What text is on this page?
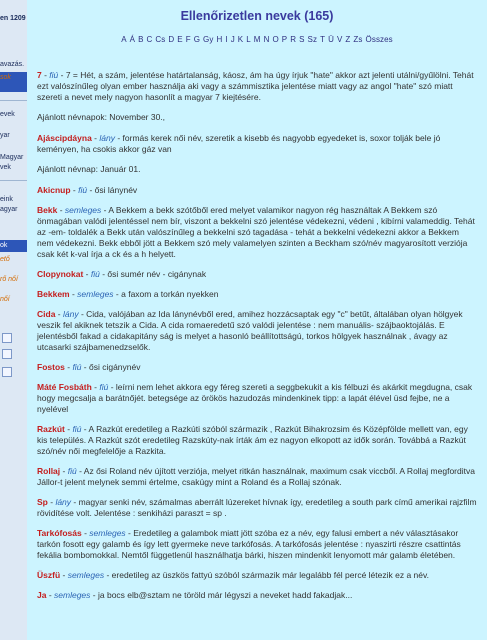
en 1209
avazás.
sok
evek
yar
Magyar
vek
eink
agyar
ok
ető
rő nőí
nőí
Ellenőrizetlen nevek (165)
A Á B C Cs D E F G Gy H I J K L M N O P R S Sz T Ü V Z Zs Összes
7 - fiú - 7 = Hét, a szám, jelentése határtalanság, káosz, ám ha úgy írjuk "hate" akkor azt jelenti utálni/gyűlölni. Tehát ezt valószínűleg olyan ember használja aki vagy a számmisztika jelentése miatt vagy az angol "hate" szó miatt szereti a nevet mely nagyon hasonlít a magyar 7 kiejtésére.
Ajánlott névnapok: November 30.,
Ajáscipdáyna - lány - formás kerek női név, szeretik a kisebb és nagyobb egyedeket is, soxor tolják bele jó keményen, ha csokis akkor gáz van
Ajánlott névnap: Január 01.
Akicnup - fiú - ősi lánynév
Bekk - semleges - A Bekkem a bekk szótőből ered melyet valamikor nagyon rég használtak A Bekkem szó önmagában valódi jelentéssel nem bír, viszont a bekkelni szó jelentése védekezni, védeni , kibírni valameddig. Tehát az -em- toldalék a Bekk után valószínűleg a bekkelni szó tagadása - tehát a bekkelni védekezni akkor a Bekkem nem védekezni. Bekk ebből jött a Bekkem szó mely valamelyen szinten a Beckham szó/név magyarosított verziója csak két k-val írja a ck és a h helyett.
Clopynokat - fiú - ősi sumér név - cigánynak
Bekkem - semleges - a faxom a torkán nyekken
Cida - lány - Cida, valójában az Ida lánynévből ered, amihez hozzácsaptak egy "c" betűt, általában olyan hölgyek veszik fel akiknek tetszik a Cida. A cida romaeredetű szó valódi jelentése : nem manuális- szájbaoktojálás. E jelentésből fakad a cidakapitány ság is melyet a hasonló beállítottságú, torkos hölgyek használnak , ávagy az utcasarki szájbamenedzselők.
Fostos - fiú - ősi cigánynév
Máté Fosbáth - fiú - leírni nem lehet akkora egy féreg szereti a seggbekukit a kis félbuzi és akárkit megdugna, csak hogy megcsalja a barátnőjét. betegsége az örökös hazudozás mindenkinek tipp: a lapát élével üsd fejbe, ne a nyelével
Razkút - fiú - A Razkút eredetileg a Razkúti szóból származik , Razkút Bihakrozsim és Középfölde mellett van, egy kis település. A Razkút szót eredetileg Razskúty-nak írták ám ez nagyon elkopott az idők során. Továbbá a Razkút szó/név női megfelelője a Razkita.
Rollaj - fiú - Az ősi Roland név újított verziója, melyet ritkán használnak, maximum csak viccből. A Rollaj megforditva Jállor-t jelent melynek semmi értelme, csakúgy mint a Roland és a Rollaj szónak.
Sp - lány - magyar senki név, számalmas aberrált lúzereket hívnak így, eredetileg a south park című amerikai rajzfilm rövidítése volt. Jelentése : senkiházi paraszt = sp .
Tarkófosás - semleges - Eredetileg a galambok miatt jött szóba ez a név, egy falusi embert a név választásakor tarkón fosott egy galamb és így lett gyermeke neve tarkófosás. A tarkófosás jelentése : nyaszirti részre csattintás fekália bombomokkal. Nemtől függetlenül használhatja bárki, hiszen mindenkit lenyomott már galamb életében.
Üszfü - semleges - eredetileg az üszkös fattyú szóból származik már legalább fél percé létezik ez a név.
Ja - semleges - ja bocs elb@sztam ne töröld már légyszi a neveket hadd fakadjak...
